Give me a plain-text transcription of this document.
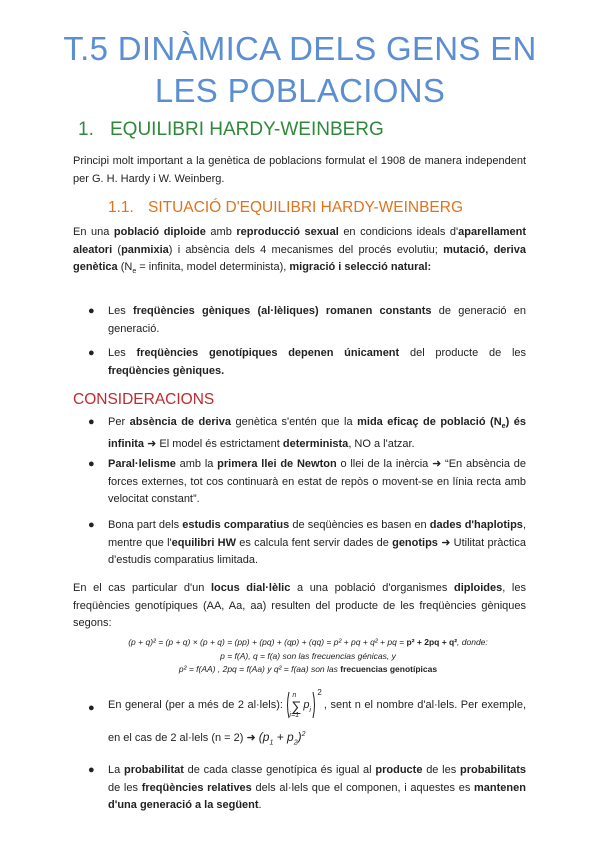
T.5 DINÀMICA DELS GENS EN
LES POBLACIONS
1. EQUILIBRI HARDY-WEINBERG
Principi molt important a la genètica de poblacions formulat el 1908 de manera independent per G. H. Hardy i W. Weinberg.
1.1. SITUACIÓ D'EQUILIBRI HARDY-WEINBERG
En una població diploide amb reproducció sexual en condicions ideals d'aparellament aleatori (panmixia) i absència dels 4 mecanismes del procés evolutiu; mutació, deriva genètica ($N_e$ = infinita, model determinista), migració i selecció natural:
● Les freqüències gèniques (al·lèliques) romanen constants de generació en generació.
● Les freqüències genotípiques depenen únicament del producte de les freqüències gèniques.
CONSIDERACIONS
● Per absència de deriva genètica s'entén que la mida eficaç de població $(N_e)$ és infinita ➜ El model és estrictament determinista, NO a l'atzar.
● Paral·lelisme amb la primera llei de Newton o llei de la inèrcia ➜ “En absència de forces externes, tot cos continuarà en estat de repòs o movent-se en línia recta amb velocitat constant”.
● Bona part dels estudis comparatius de seqüències es basen en dades d'haplotips, mentre que l'equilibri HW es calcula fent servir dades de genotips ➜ Utilitat pràctica d'estudis comparatius limitada.
En el cas particular d'un locus dial·lèlic a una població d'organismes diploides, les freqüències genotípiques (AA, Aa, aa) resulten del producte de les freqüències gèniques segons:
(p + q)² = (p + q) × (p + q) = (pp) + (pq) + (qp) + (qq) = p² + pq + q² + pq = p² + 2pq + q², donde:
p = f(A), q = f(a) son las frecuencias génicas, y
p² = f(AA) , 2pq = f(Aa) y q² = f(aa) son las frecuencias genotípicas
● En general (per a més de 2 al·lels):
n
∑
i=1
p i
2
, sent n el nombre d'al·lels. Per exemple, en el cas de 2 al·lels (n = 2) ➜ $(p_1 + p_2)^2$
● La probabilitat de cada classe genotípica és igual al producte de les probabilitats de les freqüències relatives dels al·lels que el componen, i aquestes es mantenen d'una generació a la següent.
